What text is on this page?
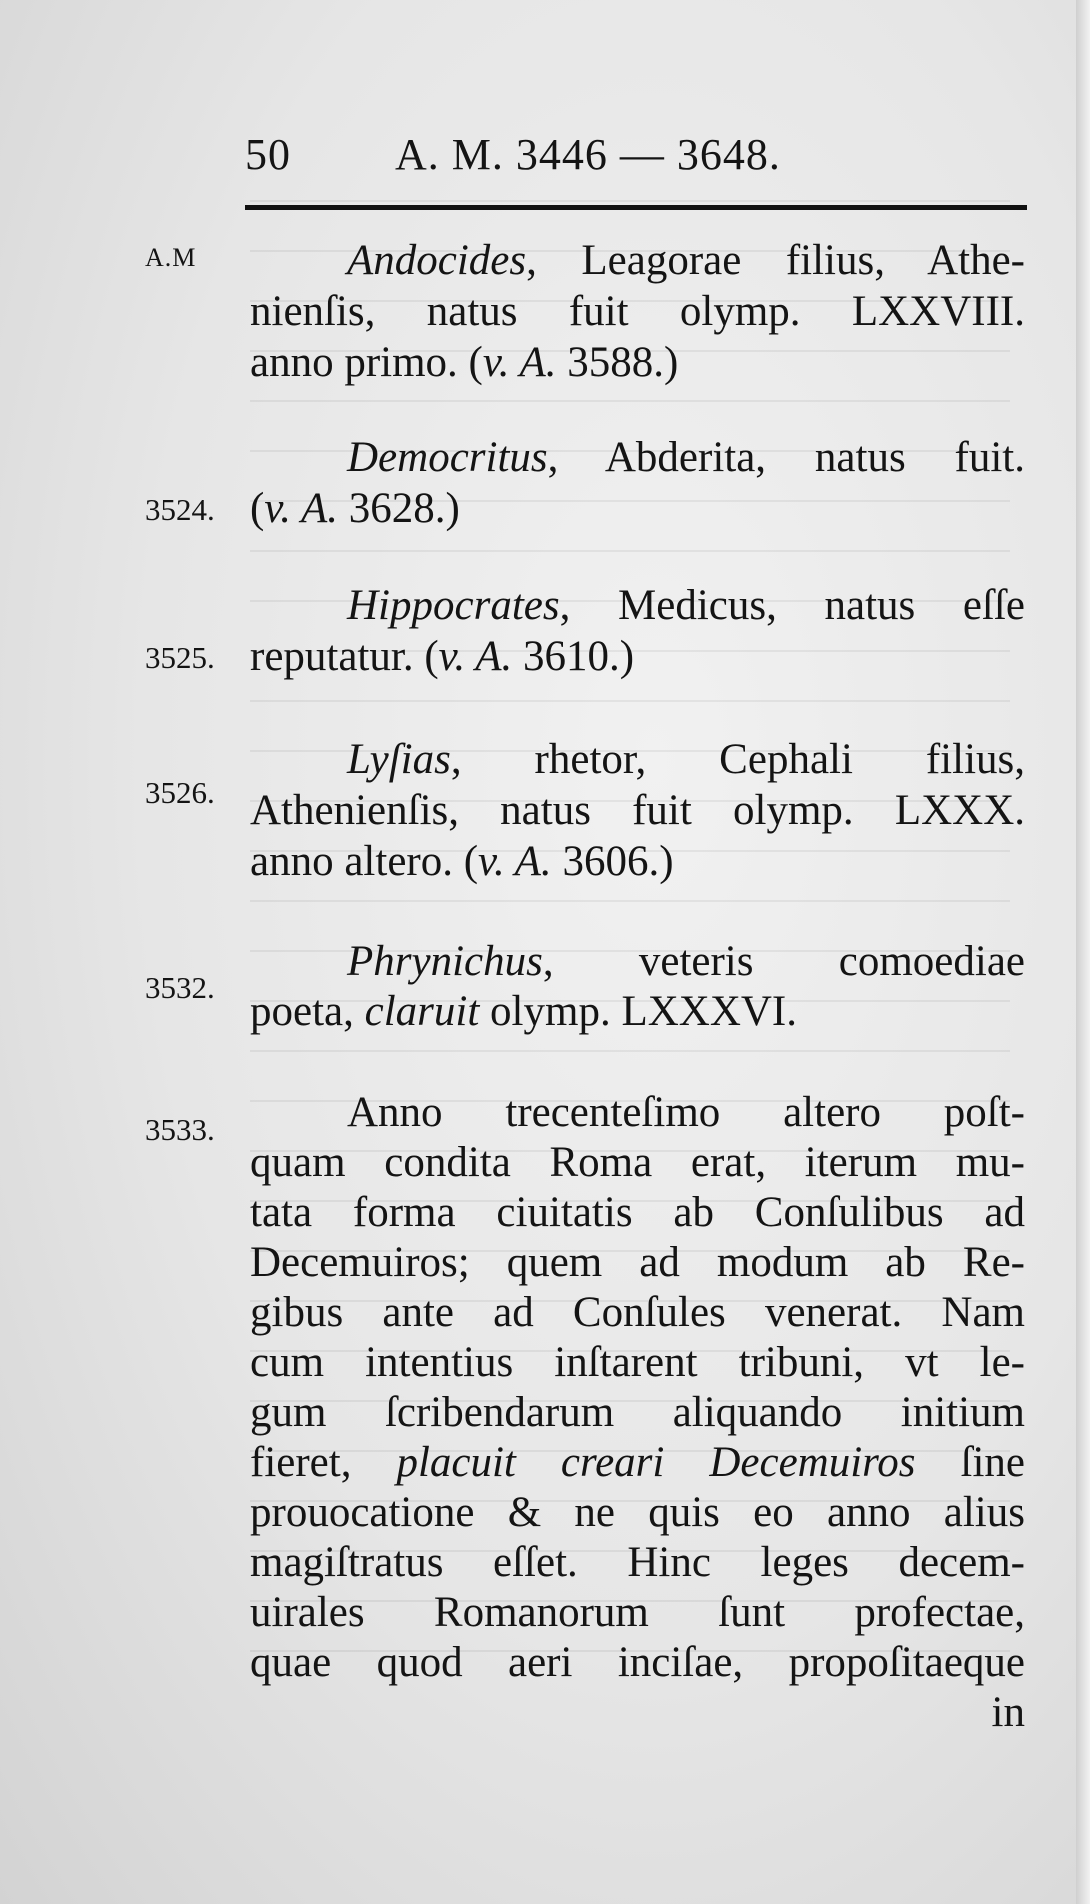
50 A. M. 3446 — 3648.
A.M
3524.
3525.
3526.
3532.
3533.
Andocides, Leagorae filius, Athe-
nienſis, natus fuit olymp. LXXVIII.
anno primo. (v. A. 3588.)
Democritus, Abderita, natus fuit.
(v. A. 3628.)
Hippocrates, Medicus, natus eſſe
reputatur. (v. A. 3610.)
Lyſias, rhetor, Cephali filius,
Athenienſis, natus fuit olymp. LXXX.
anno altero. (v. A. 3606.)
Phrynichus, veteris comoediae
poeta, claruit olymp. LXXXVI.
Anno trecenteſimo altero poſt-
quam condita Roma erat, iterum mu-
tata forma ciuitatis ab Conſulibus ad
Decemuiros; quem ad modum ab Re-
gibus ante ad Conſules venerat. Nam
cum intentius inſtarent tribuni, vt le-
gum ſcribendarum aliquando initium
fieret, placuit creari Decemuiros ſine
prouocatione & ne quis eo anno alius
magiſtratus eſſet. Hinc leges decem-
uirales Romanorum ſunt profectae,
quae quod aeri inciſae, propoſitaeque
in
